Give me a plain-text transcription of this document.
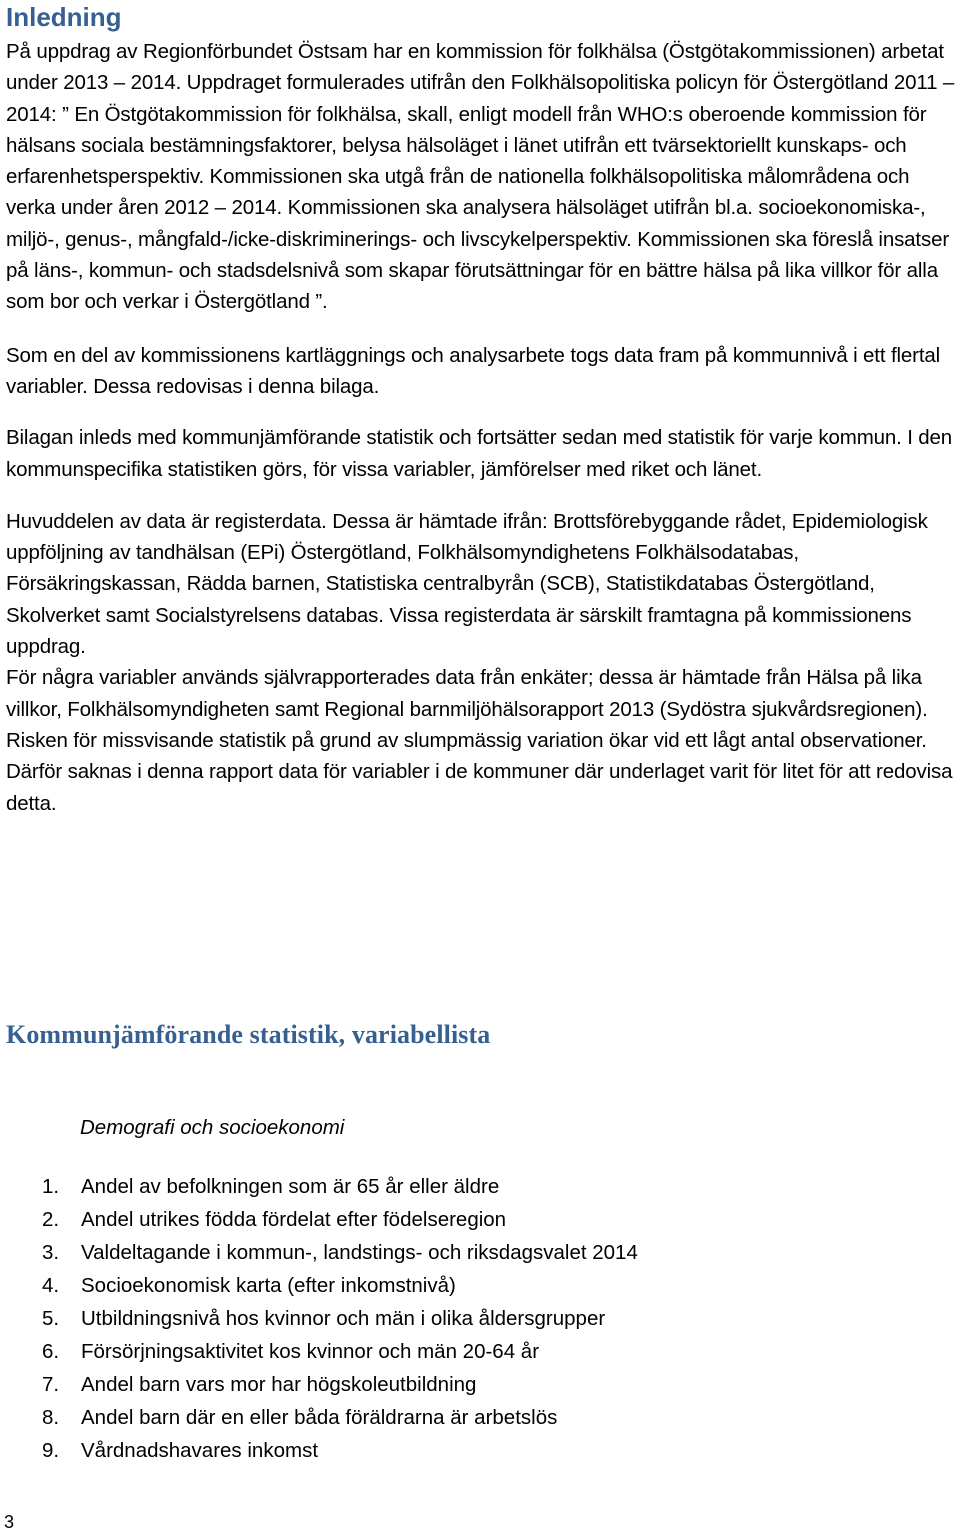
Inledning

På uppdrag av Regionförbundet Östsam har en kommission för folkhälsa (Östgötakommissionen) arbetat under 2013 – 2014. Uppdraget formulerades utifrån den Folkhälsopolitiska policyn för Östergötland 2011 – 2014: ” En Östgötakommission för folkhälsa, skall, enligt modell från WHO:s oberoende kommission för hälsans sociala bestämningsfaktorer, belysa hälsoläget i länet utifrån ett tvärsektoriellt kunskaps- och erfarenhetsperspektiv. Kommissionen ska utgå från de nationella folkhälsopolitiska målområdena och verka under åren 2012 – 2014. Kommissionen ska analysera hälsoläget utifrån bl.a. socioekonomiska-, miljö-, genus-, mångfald-/icke-diskriminerings- och livscykelperspektiv. Kommissionen ska föreslå insatser på läns-, kommun- och stadsdelsnivå som skapar förutsättningar för en bättre hälsa på lika villkor för alla som bor och verkar i Östergötland ”.

Som en del av kommissionens kartläggnings och analysarbete togs data fram på kommunnivå i ett flertal variabler. Dessa redovisas i denna bilaga.

Bilagan inleds med kommunjämförande statistik och fortsätter sedan med statistik för varje kommun. I den kommunspecifika statistiken görs, för vissa variabler, jämförelser med riket och länet.

Huvuddelen av data är registerdata. Dessa är hämtade ifrån: Brottsförebyggande rådet, Epidemiologisk uppföljning av tandhälsan (EPi) Östergötland, Folkhälsomyndighetens Folkhälsodatabas, Försäkringskassan, Rädda barnen, Statistiska centralbyrån (SCB), Statistikdatabas Östergötland, Skolverket samt Socialstyrelsens databas. Vissa registerdata är särskilt framtagna på kommissionens uppdrag.

För några variabler används självrapporterades data från enkäter; dessa är hämtade från Hälsa på lika villkor, Folkhälsomyndigheten samt Regional barnmiljöhälsorapport 2013 (Sydöstra sjukvårdsregionen).

Risken för missvisande statistik på grund av slumpmässig variation ökar vid ett lågt antal observationer. Därför saknas i denna rapport data för variabler i de kommuner där underlaget varit för litet för att redovisa detta.

Kommunjämförande statistik, variabellista
Demografi och socioekonomi
1. Andel av befolkningen som är 65 år eller äldre
2. Andel utrikes födda fördelat efter födelseregion
3. Valdeltagande i kommun-, landstings- och riksdagsvalet 2014
4. Socioekonomisk karta (efter inkomstnivå)
5. Utbildningsnivå hos kvinnor och män i olika åldersgrupper
6. Försörjningsaktivitet kos kvinnor och män 20-64 år
7. Andel barn vars mor har högskoleutbildning
8. Andel barn där en eller båda föräldrarna är arbetslös
9. Vårdnadshavares inkomst
3
